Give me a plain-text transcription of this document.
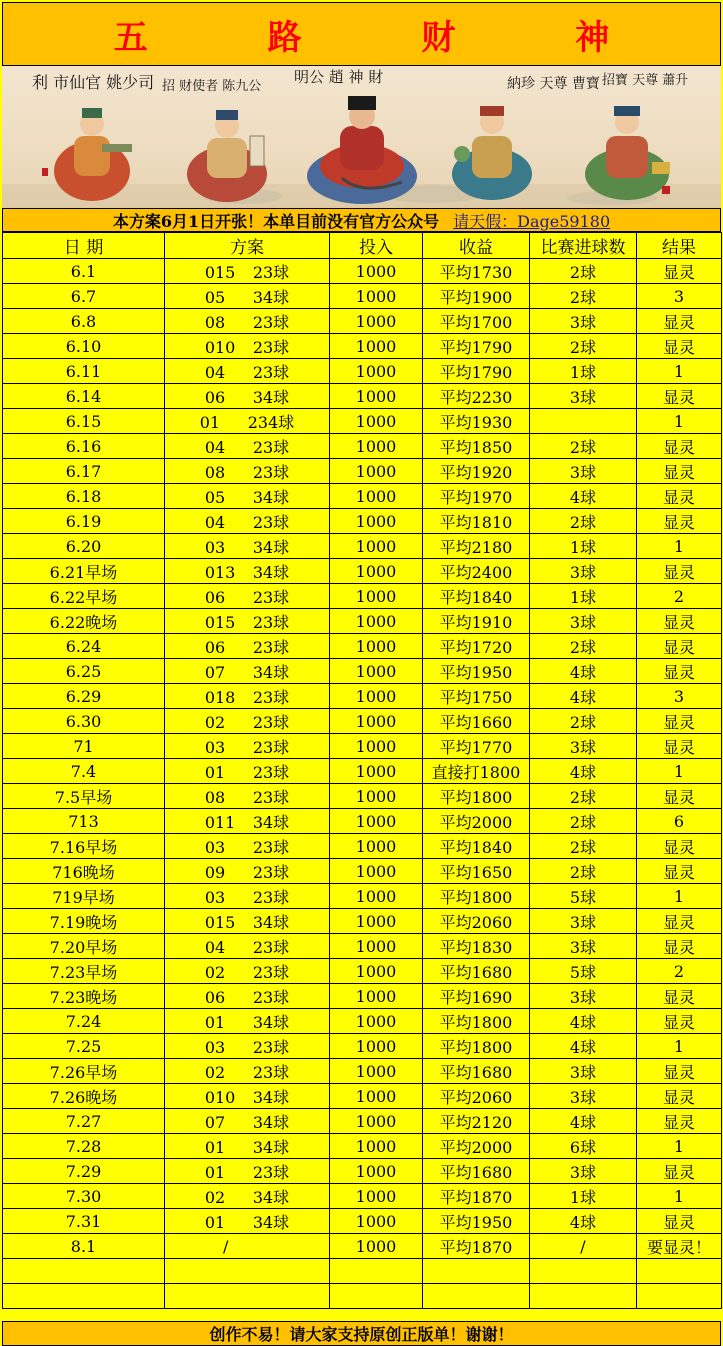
五 路 财 神
利 市仙官 姚少司 招 财使者 陈九公
明公 趙 神 財	納珍 天尊 曹寶 招寶 天尊 蕭升
本方案6月1日开张！本单目前没有官方公众号 请天假：Dage59180
日 期	方案	投入	收益	比赛进球数	结果
6.1	015 23球	1000	平均1730	2球	显灵
6.7	05 34球	1000	平均1900	2球	3
6.8	08 23球	1000	平均1700	3球	显灵
6.10	010 23球	1000	平均1790	2球	显灵
6.11	04 23球	1000	平均1790	1球	1
6.14	06 34球	1000	平均2230	3球	显灵
6.15	01 234球	1000	平均1930		1
6.16	04 23球	1000	平均1850	2球	显灵
6.17	08 23球	1000	平均1920	3球	显灵
6.18	05 34球	1000	平均1970	4球	显灵
6.19	04 23球	1000	平均1810	2球	显灵
6.20	03 34球	1000	平均2180	1球	1
6.21早场	013 34球	1000	平均2400	3球	显灵
6.22早场	06 23球	1000	平均1840	1球	2
6.22晚场	015 23球	1000	平均1910	3球	显灵
6.24	06 23球	1000	平均1720	2球	显灵
6.25	07 34球	1000	平均1950	4球	显灵
6.29	018 23球	1000	平均1750	4球	3
6.30	02 23球	1000	平均1660	2球	显灵
71	03 23球	1000	平均1770	3球	显灵
7.4	01 23球	1000	直接打1800	4球	1
7.5早场	08 23球	1000	平均1800	2球	显灵
713	011 34球	1000	平均2000	2球	6
7.16早场	03 23球	1000	平均1840	2球	显灵
716晚场	09 23球	1000	平均1650	2球	显灵
719早场	03 23球	1000	平均1800	5球	1
7.19晚场	015 34球	1000	平均2060	3球	显灵
7.20早场	04 23球	1000	平均1830	3球	显灵
7.23早场	02 23球	1000	平均1680	5球	2
7.23晚场	06 23球	1000	平均1690	3球	显灵
7.24	01 34球	1000	平均1800	4球	显灵
7.25	03 23球	1000	平均1800	4球	1
7.26早场	02 23球	1000	平均1680	3球	显灵
7.26晚场	010 34球	1000	平均2060	3球	显灵
7.27	07 34球	1000	平均2120	4球	显灵
7.28	01 34球	1000	平均2000	6球	1
7.29	01 23球	1000	平均1680	3球	显灵
7.30	02 34球	1000	平均1870	1球	1
7.31	01 34球	1000	平均1950	4球	显灵
8.1	/	1000	平均1870	/	要显灵！

创作不易！请大家支持原创正版单！谢谢！
